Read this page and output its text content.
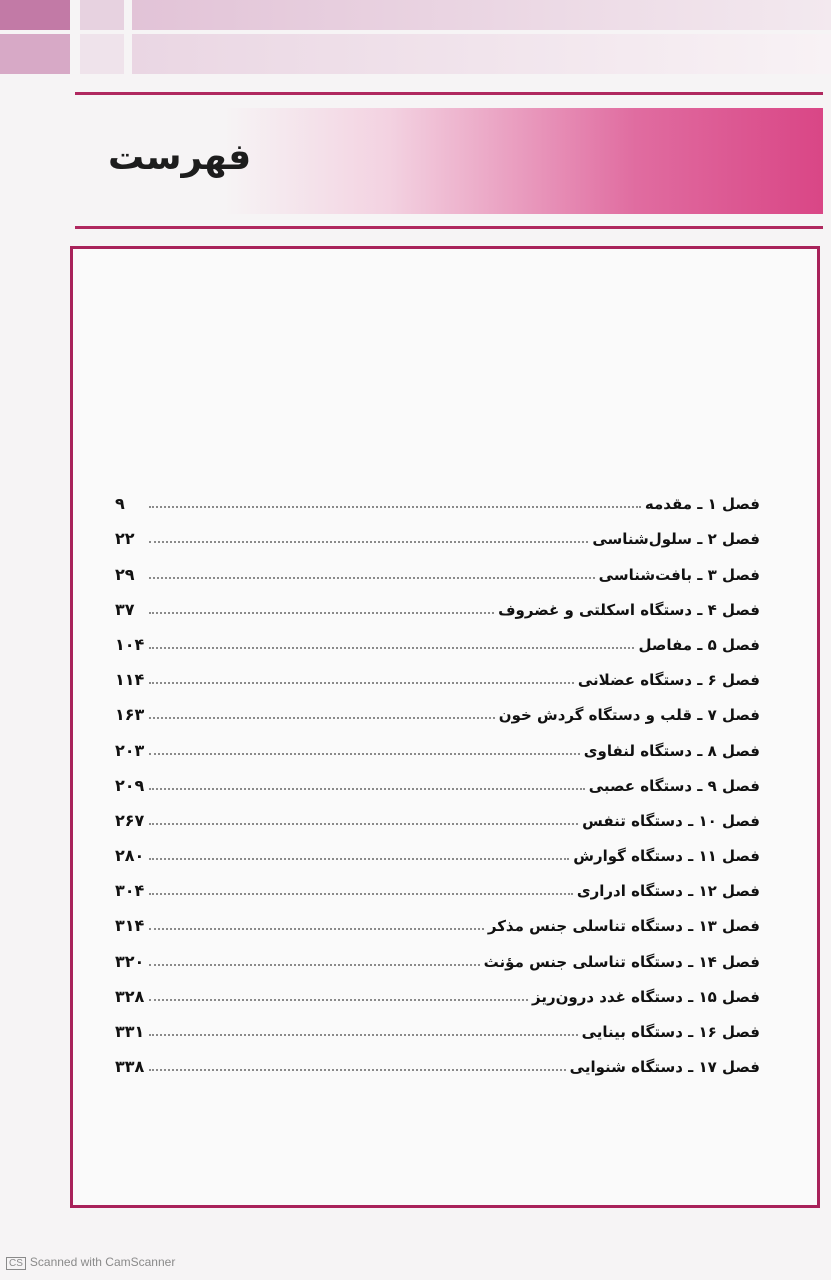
فهرست
فصل ۱ ـ مقدمه
۹
فصل ۲ ـ سلول‌شناسی
۲۲
فصل ۳ ـ بافت‌شناسی
۲۹
فصل ۴ ـ دستگاه اسکلتی و غضروف
۳۷
فصل ۵ ـ مفاصل
۱۰۴
فصل ۶ ـ دستگاه عضلانی
۱۱۴
فصل ۷ ـ قلب و دستگاه گردش خون
۱۶۳
فصل ۸ ـ دستگاه لنفاوی
۲۰۳
فصل ۹ ـ دستگاه عصبی
۲۰۹
فصل ۱۰ ـ دستگاه تنفس
۲۶۷
فصل ۱۱ ـ دستگاه گوارش
۲۸۰
فصل ۱۲ ـ دستگاه ادراری
۳۰۴
فصل ۱۳ ـ دستگاه تناسلی جنس مذکر
۳۱۴
فصل ۱۴ ـ دستگاه تناسلی جنس مؤنث
۳۲۰
فصل ۱۵ ـ دستگاه غدد درون‌ریز
۳۲۸
فصل ۱۶ ـ دستگاه بینایی
۳۳۱
فصل ۱۷ ـ دستگاه شنوایی
۳۳۸
CS Scanned with CamScanner
